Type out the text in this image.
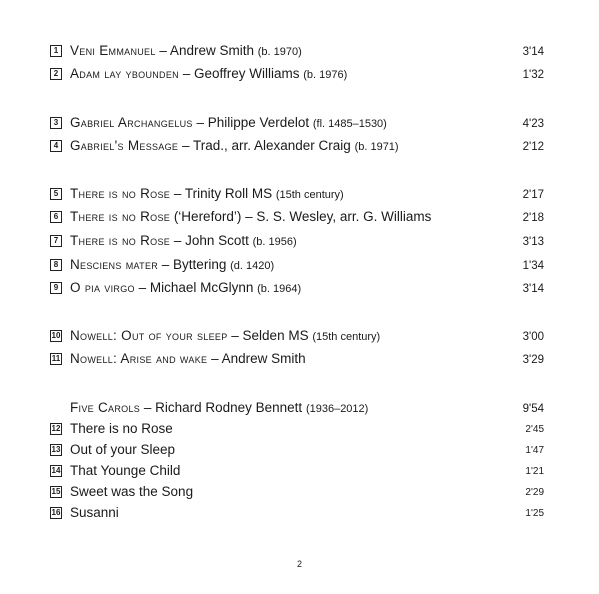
1 Veni Emmanuel – Andrew Smith (b. 1970)	3'14
2 Adam lay ybounden – Geoffrey Williams (b. 1976)	1'32
3 Gabriel Archangelus – Philippe Verdelot (fl. 1485–1530)	4'23
4 Gabriel's Message – Trad., arr. Alexander Craig (b. 1971)	2'12
5 There is no Rose – Trinity Roll MS (15th century)	2'17
6 There is no Rose (‘Hereford’) – S. S. Wesley, arr. G. Williams	2'18
7 There is no Rose – John Scott (b. 1956)	3'13
8 Nesciens mater – Byttering (d. 1420)	1'34
9 O pia virgo – Michael McGlynn (b. 1964)	3'14
10 Nowell: Out of your sleep – Selden MS (15th century)	3'00
11 Nowell: Arise and wake – Andrew Smith	3'29
Five Carols – Richard Rodney Bennett (1936–2012)	9'54
12 There is no Rose	2'45
13 Out of your Sleep	1'47
14 That Younge Child	1'21
15 Sweet was the Song	2'29
16 Susanni	1'25
2
